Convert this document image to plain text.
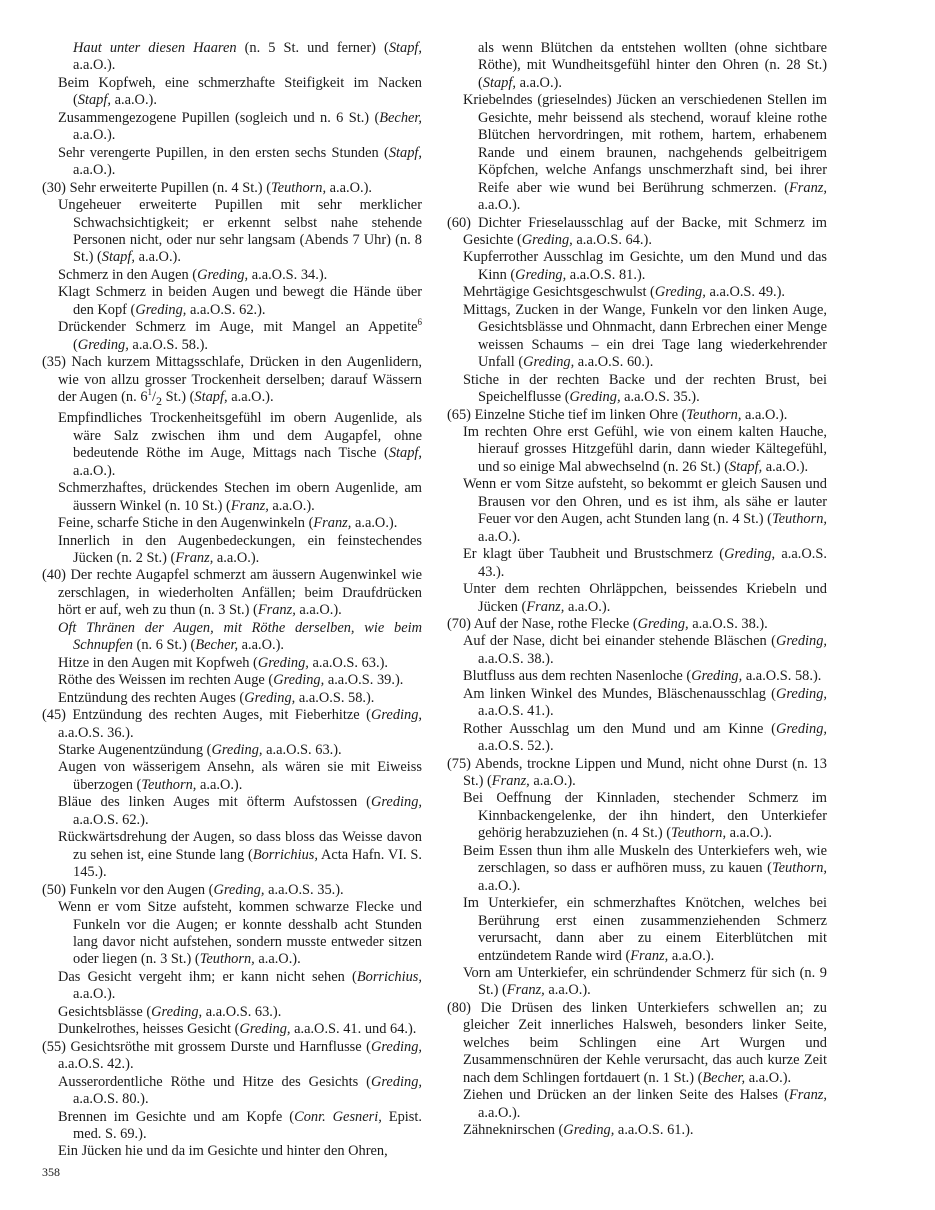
Haut unter diesen Haaren (n. 5 St. und ferner) (Stapf, a.a.O.).

Beim Kopfweh, eine schmerzhafte Steifigkeit im Nacken (Stapf, a.a.O.).

Zusammengezogene Pupillen (sogleich und n. 6 St.) (Becher, a.a.O.).

Sehr verengerte Pupillen, in den ersten sechs Stunden (Stapf, a.a.O.).

(30) Sehr erweiterte Pupillen (n. 4 St.) (Teuthorn, a.a.O.).

Ungeheuer erweiterte Pupillen mit sehr merklicher Schwachsichtigkeit; er erkennt selbst nahe stehende Personen nicht, oder nur sehr langsam (Abends 7 Uhr) (n. 8 St.) (Stapf, a.a.O.).

Schmerz in den Augen (Greding, a.a.O.S. 34.).

Klagt Schmerz in beiden Augen und bewegt die Hände über den Kopf (Greding, a.a.O.S. 62.).

Drückender Schmerz im Auge, mit Mangel an Appetite$^6$ (Greding, a.a.O.S. 58.).

(35) Nach kurzem Mittagsschlafe, Drücken in den Augenlidern, wie von allzu grosser Trockenheit derselben; darauf Wässern der Augen (n. $6^1/_2$ St.) (Stapf, a.a.O.).

Empfindliches Trockenheitsgefühl im obern Augenlide, als wäre Salz zwischen ihm und dem Augapfel, ohne bedeutende Röthe im Auge, Mittags nach Tische (Stapf, a.a.O.).

Schmerzhaftes, drückendes Stechen im obern Augenlide, am äussern Winkel (n. 10 St.) (Franz, a.a.O.).

Feine, scharfe Stiche in den Augenwinkeln (Franz, a.a.O.).

Innerlich in den Augenbedeckungen, ein feinstechendes Jücken (n. 2 St.) (Franz, a.a.O.).

(40) Der rechte Augapfel schmerzt am äussern Augenwinkel wie zerschlagen, in wiederholten Anfällen; beim Draufdrücken hört er auf, weh zu thun (n. 3 St.) (Franz, a.a.O.).

Oft Thränen der Augen, mit Röthe derselben, wie beim Schnupfen (n. 6 St.) (Becher, a.a.O.).

Hitze in den Augen mit Kopfweh (Greding, a.a.O.S. 63.).

Röthe des Weissen im rechten Auge (Greding, a.a.O.S. 39.).

Entzündung des rechten Auges (Greding, a.a.O.S. 58.).

(45) Entzündung des rechten Auges, mit Fieberhitze (Greding, a.a.O.S. 36.).

Starke Augenentzündung (Greding, a.a.O.S. 63.).

Augen von wässerigem Ansehn, als wären sie mit Eiweiss überzogen (Teuthorn, a.a.O.).

Bläue des linken Auges mit öfterm Aufstossen (Greding, a.a.O.S. 62.).

Rückwärtsdrehung der Augen, so dass bloss das Weisse davon zu sehen ist, eine Stunde lang (Borrichius, Acta Hafn. VI. S. 145.).

(50) Funkeln vor den Augen (Greding, a.a.O.S. 35.).

Wenn er vom Sitze aufsteht, kommen schwarze Flecke und Funkeln vor die Augen; er konnte desshalb acht Stunden lang davor nicht aufstehen, sondern musste entweder sitzen oder liegen (n. 3 St.) (Teuthorn, a.a.O.).

Das Gesicht vergeht ihm; er kann nicht sehen (Borrichius, a.a.O.).

Gesichtsblässe (Greding, a.a.O.S. 63.).

Dunkelrothes, heisses Gesicht (Greding, a.a.O.S. 41. und 64.).

(55) Gesichtsröthe mit grossem Durste und Harnflusse (Greding, a.a.O.S. 42.).

Ausserordentliche Röthe und Hitze des Gesichts (Greding, a.a.O.S. 80.).

Brennen im Gesichte und am Kopfe (Conr. Gesneri, Epist. med. S. 69.).

Ein Jücken hie und da im Gesichte und hinter den Ohren,

als wenn Blütchen da entstehen wollten (ohne sichtbare Röthe), mit Wundheitsgefühl hinter den Ohren (n. 28 St.) (Stapf, a.a.O.).

Kriebelndes (grieselndes) Jücken an verschiedenen Stellen im Gesichte, mehr beissend als stechend, worauf kleine rothe Blütchen hervordringen, mit rothem, hartem, erhabenem Rande und einem braunen, nachgehends gelbeitrigem Köpfchen, welche Anfangs unschmerzhaft sind, bei ihrer Reife aber wie wund bei Berührung schmerzen. (Franz, a.a.O.).

(60) Dichter Frieselausschlag auf der Backe, mit Schmerz im Gesichte (Greding, a.a.O.S. 64.).

Kupferrother Ausschlag im Gesichte, um den Mund und das Kinn (Greding, a.a.O.S. 81.).

Mehrtägige Gesichtsgeschwulst (Greding, a.a.O.S. 49.).

Mittags, Zucken in der Wange, Funkeln vor den linken Auge, Gesichtsblässe und Ohnmacht, dann Erbrechen einer Menge weissen Schaums – ein drei Tage lang wiederkehrender Unfall (Greding, a.a.O.S. 60.).

Stiche in der rechten Backe und der rechten Brust, bei Speichelflusse (Greding, a.a.O.S. 35.).

(65) Einzelne Stiche tief im linken Ohre (Teuthorn, a.a.O.).

Im rechten Ohre erst Gefühl, wie von einem kalten Hauche, hierauf grosses Hitzgefühl darin, dann wieder Kältegefühl, und so einige Mal abwechselnd (n. 26 St.) (Stapf, a.a.O.).

Wenn er vom Sitze aufsteht, so bekommt er gleich Sausen und Brausen vor den Ohren, und es ist ihm, als sähe er lauter Feuer vor den Augen, acht Stunden lang (n. 4 St.) (Teuthorn, a.a.O.).

Er klagt über Taubheit und Brustschmerz (Greding, a.a.O.S. 43.).

Unter dem rechten Ohrläppchen, beissendes Kriebeln und Jücken (Franz, a.a.O.).

(70) Auf der Nase, rothe Flecke (Greding, a.a.O.S. 38.).

Auf der Nase, dicht bei einander stehende Bläschen (Greding, a.a.O.S. 38.).

Blutfluss aus dem rechten Nasenloche (Greding, a.a.O.S. 58.).

Am linken Winkel des Mundes, Bläschenausschlag (Greding, a.a.O.S. 41.).

Rother Ausschlag um den Mund und am Kinne (Greding, a.a.O.S. 52.).

(75) Abends, trockne Lippen und Mund, nicht ohne Durst (n. 13 St.) (Franz, a.a.O.).

Bei Oeffnung der Kinnladen, stechender Schmerz im Kinnbackengelenke, der ihn hindert, den Unterkiefer gehörig herabzuziehen (n. 4 St.) (Teuthorn, a.a.O.).

Beim Essen thun ihm alle Muskeln des Unterkiefers weh, wie zerschlagen, so dass er aufhören muss, zu kauen (Teuthorn, a.a.O.).

Im Unterkiefer, ein schmerzhaftes Knötchen, welches bei Berührung erst einen zusammenziehenden Schmerz verursacht, dann aber zu einem Eiterblütchen mit entzündetem Rande wird (Franz, a.a.O.).

Vorn am Unterkiefer, ein schründender Schmerz für sich (n. 9 St.) (Franz, a.a.O.).

(80) Die Drüsen des linken Unterkiefers schwellen an; zu gleicher Zeit innerliches Halsweh, besonders linker Seite, welches beim Schlingen eine Art Wurgen und Zusammenschnüren der Kehle verursacht, das auch kurze Zeit nach dem Schlingen fortdauert (n. 1 St.) (Becher, a.a.O.).

Ziehen und Drücken an der linken Seite des Halses (Franz, a.a.O.).

Zähneknirschen (Greding, a.a.O.S. 61.).

358
